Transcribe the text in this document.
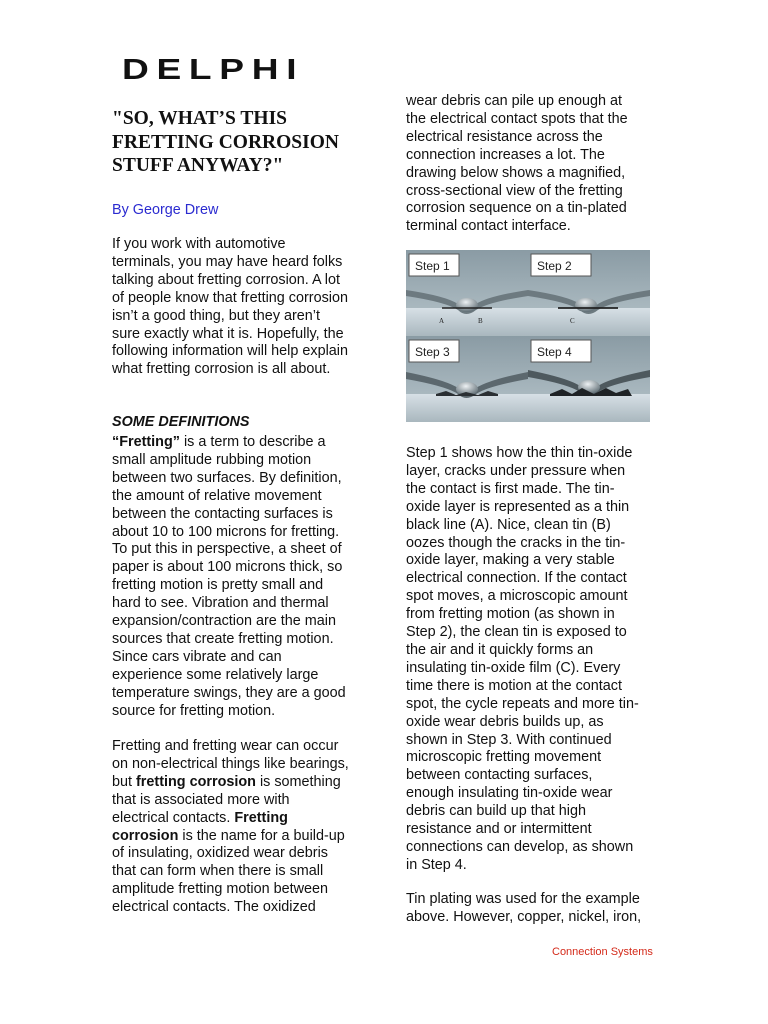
DELPHI
"SO, WHAT’S THIS
FRETTING CORROSION
STUFF ANYWAY?"
By George Drew

If you work with automotive
terminals, you may have heard folks
talking about fretting corrosion. A lot
of people know that fretting corrosion
isn’t a good thing, but they aren’t
sure exactly what it is. Hopefully, the
following information will help explain
what fretting corrosion is all about.

SOME DEFINITIONS

“Fretting” is a term to describe a
small amplitude rubbing motion
between two surfaces. By definition,
the amount of relative movement
between the contacting surfaces is
about 10 to 100 microns for fretting.
To put this in perspective, a sheet of
paper is about 100 microns thick, so
fretting motion is pretty small and
hard to see. Vibration and thermal
expansion/contraction are the main
sources that create fretting motion.
Since cars vibrate and can
experience some relatively large
temperature swings, they are a good
source for fretting motion.

Fretting and fretting wear can occur
on non-electrical things like bearings,
but fretting corrosion is something
that is associated more with
electrical contacts. Fretting
corrosion is the name for a build-up
of insulating, oxidized wear debris
that can form when there is small
amplitude fretting motion between
electrical contacts. The oxidized

wear debris can pile up enough at
the electrical contact spots that the
electrical resistance across the
connection increases a lot. The
drawing below shows a magnified,
cross-sectional view of the fretting
corrosion sequence on a tin-plated
terminal contact interface.

A	B
Step 1
C
Step 2
Step 3	Step 4

Step 1 shows how the thin tin-oxide
layer, cracks under pressure when
the contact is first made. The tin-
oxide layer is represented as a thin
black line (A). Nice, clean tin (B)
oozes though the cracks in the tin-
oxide layer, making a very stable
electrical connection. If the contact
spot moves, a microscopic amount
from fretting motion (as shown in
Step 2), the clean tin is exposed to
the air and it quickly forms an
insulating tin-oxide film (C). Every
time there is motion at the contact
spot, the cycle repeats and more tin-
oxide wear debris builds up, as
shown in Step 3. With continued
microscopic fretting movement
between contacting surfaces,
enough insulating tin-oxide wear
debris can build up that high
resistance and or intermittent
connections can develop, as shown
in Step 4.

Tin plating was used for the example
above. However, copper, nickel, iron,

Connection Systems
